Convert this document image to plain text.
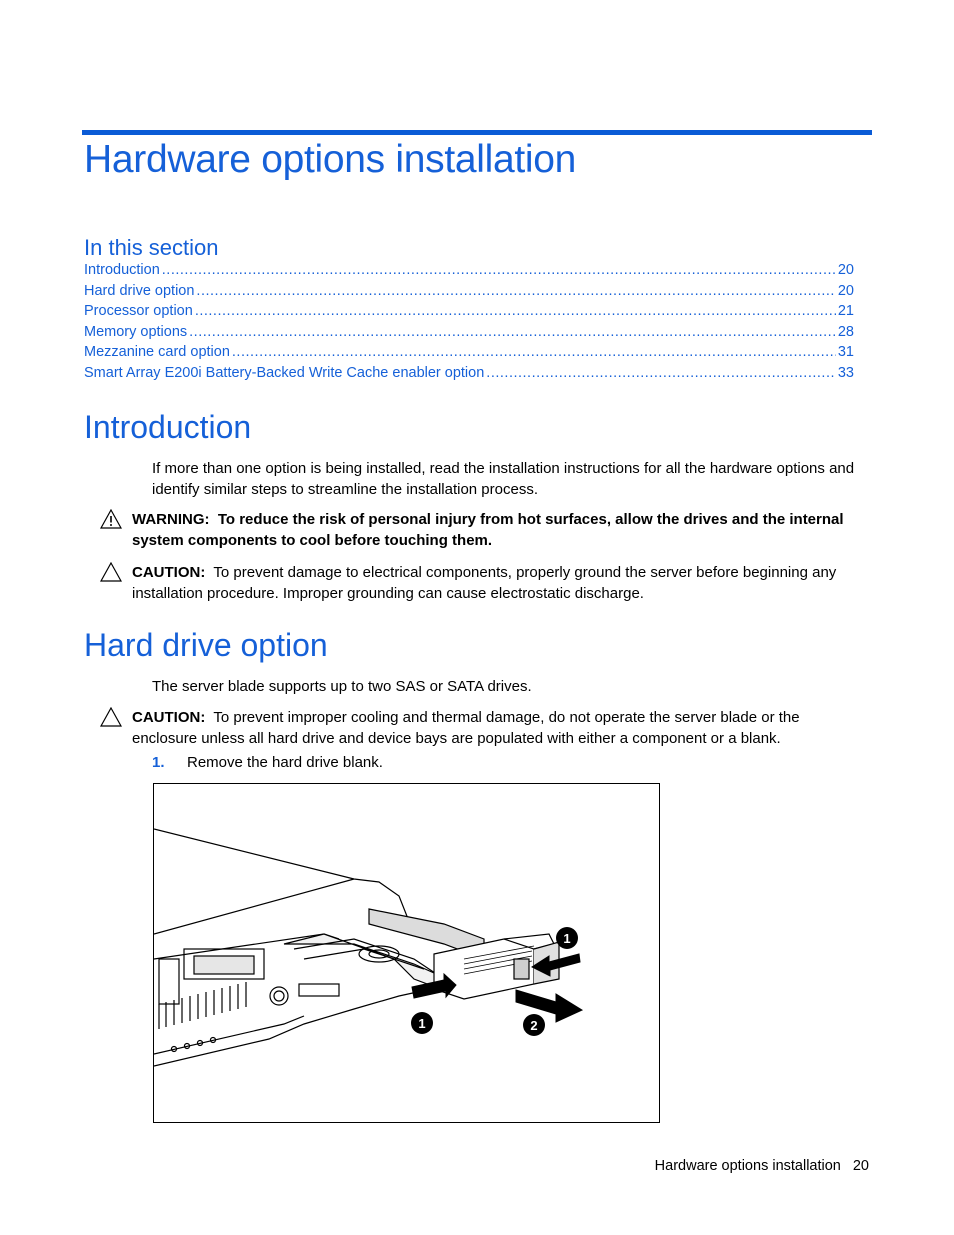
Hardware options installation
In this section
Introduction .....	20
Hard drive option .....	20
Processor option .....	21
Memory options .....	28
Mezzanine card option .....	31
Smart Array E200i Battery-Backed Write Cache enabler option .....	33
Introduction

If more than one option is being installed, read the installation instructions for all the hardware options and identify similar steps to streamline the installation process.

WARNING: To reduce the risk of personal injury from hot surfaces, allow the drives and the internal system components to cool before touching them.
CAUTION: To prevent damage to electrical components, properly ground the server before beginning any installation procedure. Improper grounding can cause electrostatic discharge.
Hard drive option

The server blade supports up to two SAS or SATA drives.

CAUTION: To prevent improper cooling and thermal damage, do not operate the server blade or the enclosure unless all hard drive and device bays are populated with either a component or a blank.
1. Remove the hard drive blank.
1
1	2
Hardware options installation 20
